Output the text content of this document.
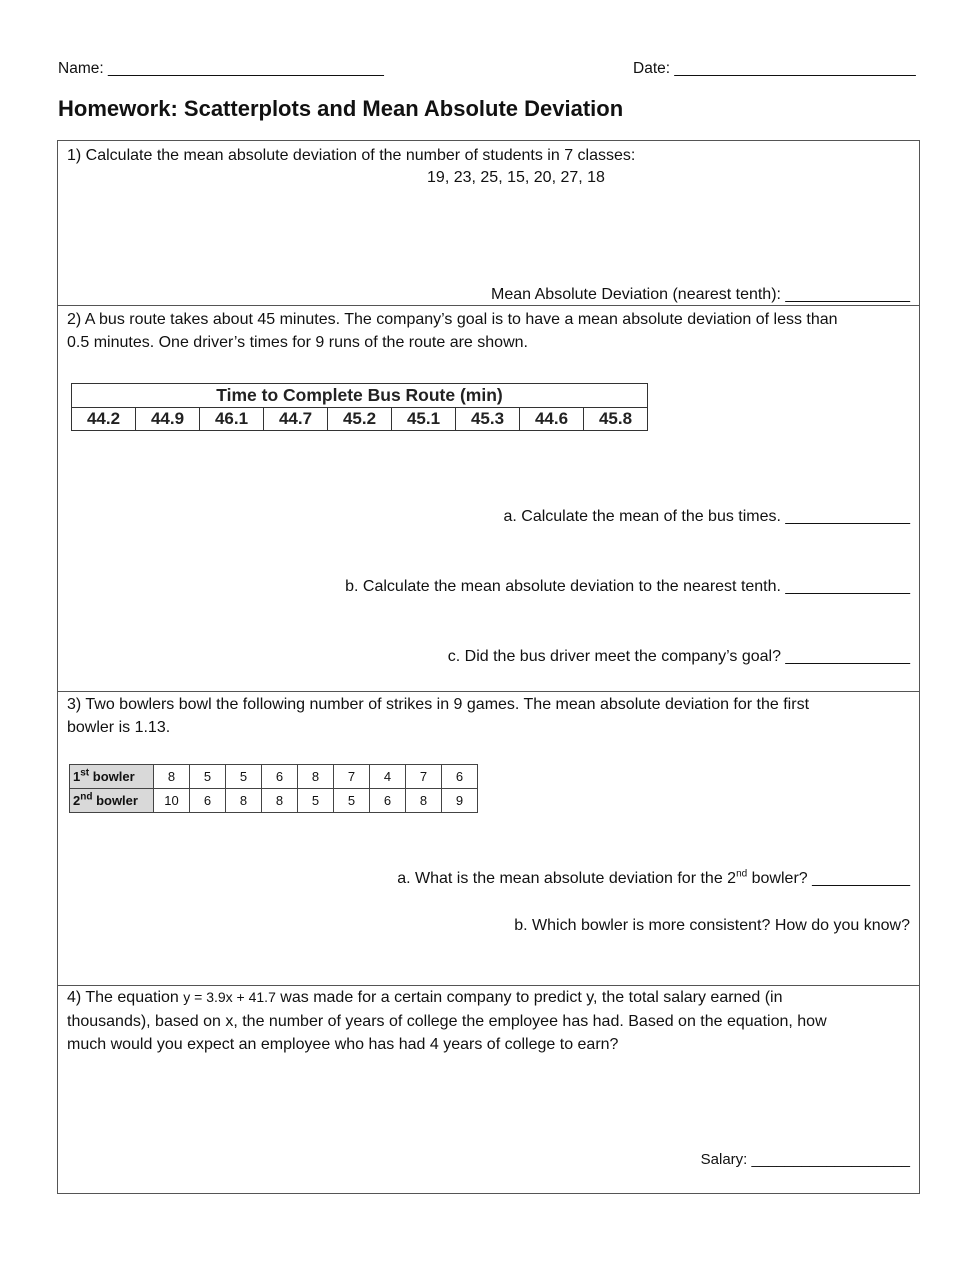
Name: ________________________________	Date: ____________________________
Homework: Scatterplots and Mean Absolute Deviation
1) Calculate the mean absolute deviation of the number of students in 7 classes:
19, 23, 25, 15, 20, 27, 18
Mean Absolute Deviation (nearest tenth): ______________
2) A bus route takes about 45 minutes. The company’s goal is to have a mean absolute deviation of less than
0.5 minutes. One driver’s times for 9 runs of the route are shown.
Time to Complete Bus Route (min)
44.2	44.9	46.1	44.7	45.2	45.1	45.3	44.6	45.8
a. Calculate the mean of the bus times. ______________
b. Calculate the mean absolute deviation to the nearest tenth. ______________
c. Did the bus driver meet the company’s goal? ______________
3) Two bowlers bowl the following number of strikes in 9 games. The mean absolute deviation for the first
bowler is 1.13.
1st bowler	8	5	5	6	8	7	4	7	6
2nd bowler	10	6	8	8	5	5	6	8	9
a. What is the mean absolute deviation for the 2nd bowler? ___________
b. Which bowler is more consistent? How do you know?
4) The equation y = 3.9x + 41.7 was made for a certain company to predict y, the total salary earned (in
thousands), based on x, the number of years of college the employee has had. Based on the equation, how
much would you expect an employee who has had 4 years of college to earn?
Salary: ___________________
